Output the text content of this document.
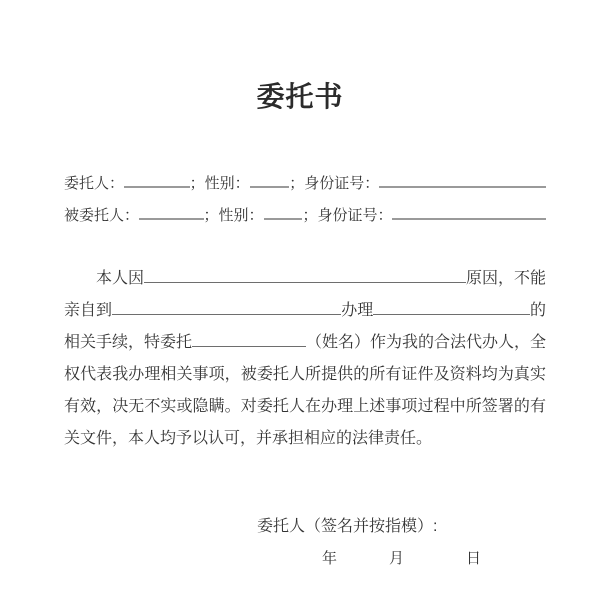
委托书
委托人：	；性别：	；身份证号：
被委托人：	；性别：	；身份证号：
本人因	原因，不能
亲自到	办理	的
相关手续，特委托	（姓名）作为我的合法代办人，全
权代表我办理相关事项，被委托人所提供的所有证件及资料均为真实
有效，决无不实或隐瞒。对委托人在办理上述事项过程中所签署的有
关文件，本人均予以认可，并承担相应的法律责任。
委托人（签名并按指模）:
年	月	日
